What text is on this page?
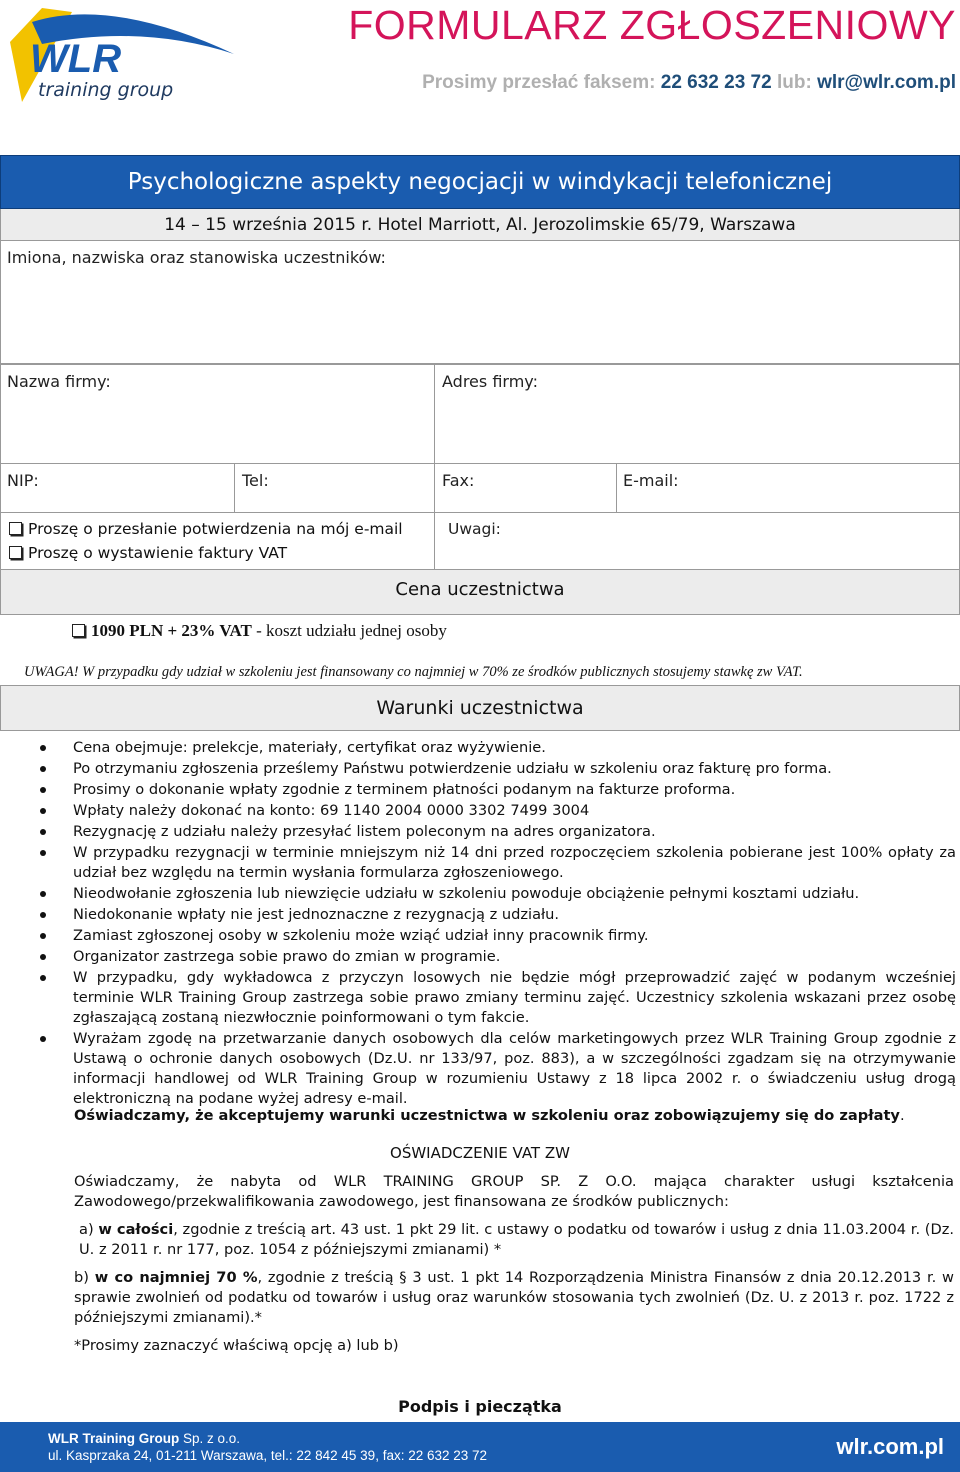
WLR
training group
FORMULARZ ZGŁOSZENIOWY
Prosimy przesłać faksem: 22 632 23 72 lub: wlr@wlr.com.pl
Psychologiczne aspekty negocjacji w windykacji telefonicznej
14 – 15 września 2015 r. Hotel Marriott, Al. Jerozolimskie 65/79, Warszawa
Imiona, nazwiska oraz stanowiska uczestników:
Nazwa firmy:	Adres firmy:
NIP:	Tel:	Fax:	E-mail:
Proszę o przesłanie potwierdzenia na mój e-mail
Proszę o wystawienie faktury VAT
Uwagi:
Cena uczestnictwa
1090 PLN + 23% VAT - koszt udziału jednej osoby
UWAGA! W przypadku gdy udział w szkoleniu jest finansowany co najmniej w 70% ze środków publicznych stosujemy stawkę zw VAT.
Warunki uczestnictwa
Cena obejmuje: prelekcje, materiały, certyfikat oraz wyżywienie.
Po otrzymaniu zgłoszenia prześlemy Państwu potwierdzenie udziału w szkoleniu oraz fakturę pro forma.
Prosimy o dokonanie wpłaty zgodnie z terminem płatności podanym na fakturze proforma.
Wpłaty należy dokonać na konto: 69 1140 2004 0000 3302 7499 3004
Rezygnację z udziału należy przesyłać listem poleconym na adres organizatora.
W przypadku rezygnacji w terminie mniejszym niż 14 dni przed rozpoczęciem szkolenia pobierane jest 100% opłaty za udział bez względu na termin wysłania formularza zgłoszeniowego.
Nieodwołanie zgłoszenia lub niewzięcie udziału w szkoleniu powoduje obciążenie pełnymi kosztami udziału.
Niedokonanie wpłaty nie jest jednoznaczne z rezygnacją z udziału.
Zamiast zgłoszonej osoby w szkoleniu może wziąć udział inny pracownik firmy.
Organizator zastrzega sobie prawo do zmian w programie.
W przypadku, gdy wykładowca z przyczyn losowych nie będzie mógł przeprowadzić zajęć w podanym wcześniej terminie WLR Training Group zastrzega sobie prawo zmiany terminu zajęć. Uczestnicy szkolenia wskazani przez osobę zgłaszającą zostaną niezwłocznie poinformowani o tym fakcie.
Wyrażam zgodę na przetwarzanie danych osobowych dla celów marketingowych przez WLR Training Group zgodnie z Ustawą o ochronie danych osobowych (Dz.U. nr 133/97, poz. 883), a w szczególności zgadzam się na otrzymywanie informacji handlowej od WLR Training Group w rozumieniu Ustawy z 18 lipca 2002 r. o świadczeniu usług drogą elektroniczną na podane wyżej adresy e-mail.
Oświadczamy, że akceptujemy warunki uczestnictwa w szkoleniu oraz zobowiązujemy się do zapłaty.
OŚWIADCZENIE VAT ZW
Oświadczamy, że nabyta od WLR TRAINING GROUP SP. Z O.O. mająca charakter usługi kształcenia Zawodowego/przekwalifikowania zawodowego, jest finansowana ze środków publicznych:
a) w całości, zgodnie z treścią art. 43 ust. 1 pkt 29 lit. c ustawy o podatku od towarów i usług z dnia 11.03.2004 r. (Dz. U. z 2011 r. nr 177, poz. 1054 z późniejszymi zmianami) *
b) w co najmniej 70 %, zgodnie z treścią § 3 ust. 1 pkt 14 Rozporządzenia Ministra Finansów z dnia 20.12.2013 r. w sprawie zwolnień od podatku od towarów i usług oraz warunków stosowania tych zwolnień (Dz. U. z 2013 r. poz. 1722 z późniejszymi zmianami).*
*Prosimy zaznaczyć właściwą opcję a) lub b)
Podpis i pieczątka
WLR Training Group Sp. z o.o.
ul. Kasprzaka 24, 01-211 Warszawa, tel.: 22 842 45 39, fax: 22 632 23 72	wlr.com.pl
